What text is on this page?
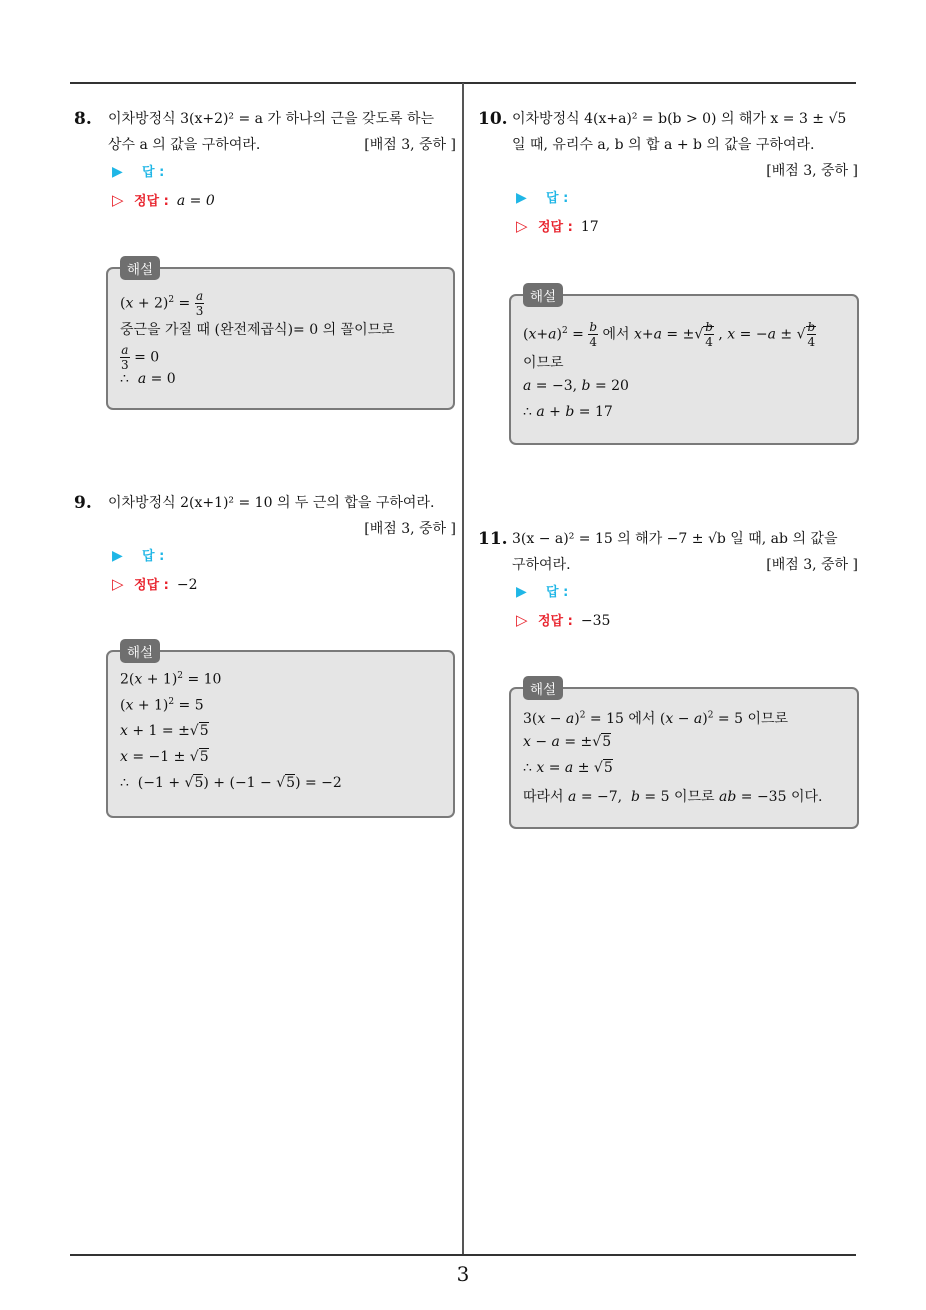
3
8. 이차방정식 3(x+2)² = a 가 하나의 근을 갖도록 하는
상수 a 의 값을 구하여라.	[배점 3, 중하 ]
▶ 답 :
▷ 정답 : a = 0
해설
$(x + 2)^2 = \frac{a}{3}$
중근을 가질 때 (완전제곱식)= 0 의 꼴이므로
$\frac{a}{3} = 0$
∴  a = 0
9. 이차방정식 2(x+1)² = 10 의 두 근의 합을 구하여라.
[배점 3, 중하 ]
▶ 답 :
▷ 정답 : −2
해설
$2(x + 1)^2 = 10$
$(x + 1)^2 = 5$
x + 1 = ±√5
x = −1 ± √5
∴  (−1 + √5) + (−1 − √5) = −2
10. 이차방정식 4(x+a)² = b(b > 0) 의 해가 x = 3 ± √5
일 때, 유리수 a, b 의 합 a + b 의 값을 구하여라.
[배점 3, 중하 ]
▶ 답 :
▷ 정답 : 17
해설
$(x+a)^2 = \frac{b}{4}$ 에서 x+a = ±√ $\frac{b}{4}$ , x = −a ± √ $\frac{b}{4}$
이므로
a = −3, b = 20
∴ a + b = 17
11. 3(x − a)² = 15 의 해가 −7 ± √b 일 때, ab 의 값을
구하여라.	[배점 3, 중하 ]
▶ 답 :
▷ 정답 : −35
해설
$3(x - a)^2 = 15$ 에서 $(x - a)^2 = 5$ 이므로
x − a = ±√5
∴ x = a ± √5
따라서 a = −7,  b = 5 이므로 ab = −35 이다.
